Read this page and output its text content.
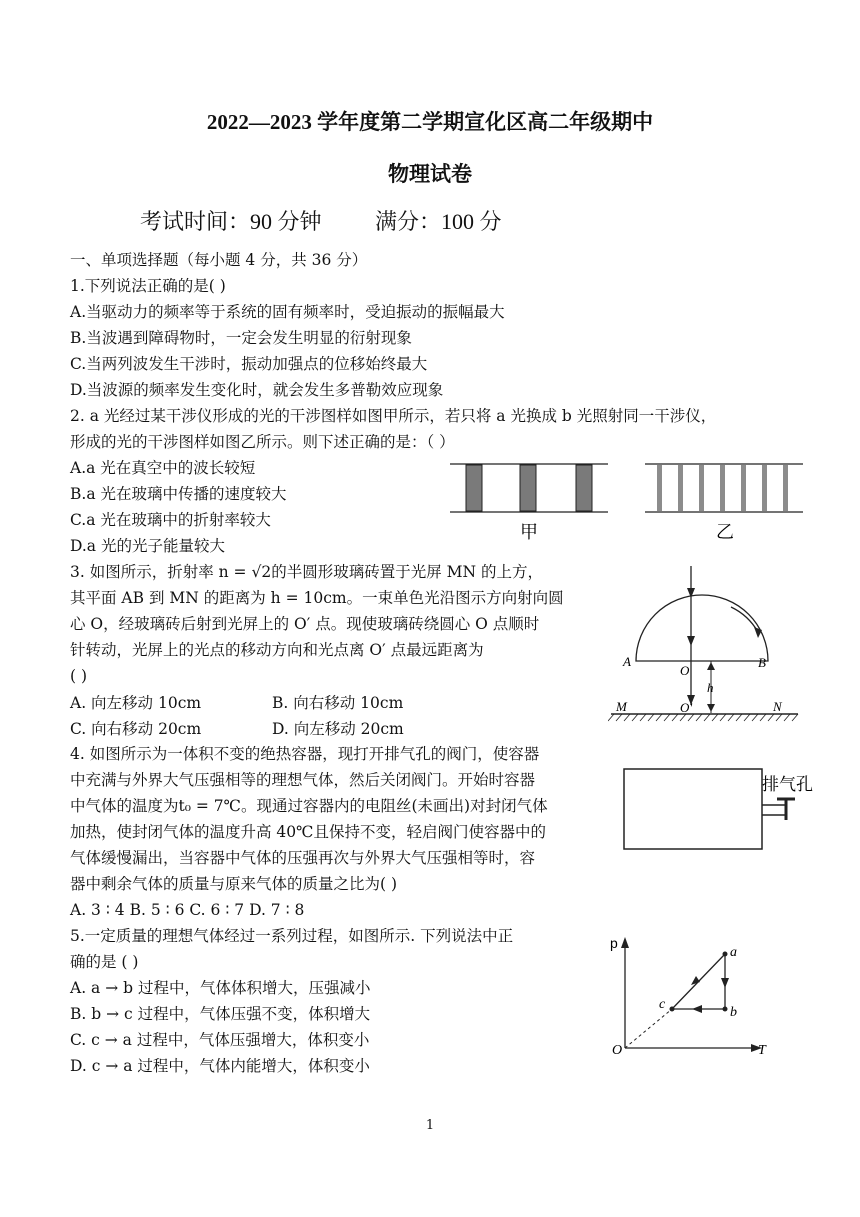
2022—2023 学年度第二学期宣化区高二年级期中
物理试卷
考试时间：90 分钟 满分：100 分
一、单项选择题（每小题 4 分，共 36 分）
1.下列说法正确的是( )
A.当驱动力的频率等于系统的固有频率时，受迫振动的振幅最大
B.当波遇到障碍物时，一定会发生明显的衍射现象
C.当两列波发生干涉时，振动加强点的位移始终最大
D.当波源的频率发生变化时，就会发生多普勒效应现象
2. a 光经过某干涉仪形成的光的干涉图样如图甲所示，若只将 a 光换成 b 光照射同一干涉仪，
形成的光的干涉图样如图乙所示。则下述正确的是：（ ）
A.a 光在真空中的波长较短
B.a 光在玻璃中传播的速度较大
C.a 光在玻璃中的折射率较大
D.a 光的光子能量较大
甲	乙
3. 如图所示，折射率 n = √2的半圆形玻璃砖置于光屏 MN 的上方，
其平面 AB 到 MN 的距离为 h = 10cm。一束单色光沿图示方向射向圆
心 O，经玻璃砖后射到光屏上的 O′ 点。现使玻璃砖绕圆心 O 点顺时
针转动，光屏上的光点的移动方向和光点离 O′ 点最远距离为
( )
A. 向左移动 10cm	B. 向右移动 10cm
C. 向右移动 20cm	D. 向左移动 20cm
A	B
O
O'
h
M	N
4. 如图所示为一体积不变的绝热容器，现打开排气孔的阀门，使容器
中充满与外界大气压强相等的理想气体，然后关闭阀门。开始时容器
中气体的温度为t₀ = 7℃。现通过容器内的电阻丝(未画出)对封闭气体
加热，使封闭气体的温度升高 40℃且保持不变，轻启阀门使容器中的
气体缓慢漏出，当容器中气体的压强再次与外界大气压强相等时，容
器中剩余气体的质量与原来气体的质量之比为( )
A. 3 ∶ 4 B. 5 ∶ 6 C. 6 ∶ 7 D. 7 ∶ 8
排气孔
5.一定质量的理想气体经过一系列过程，如图所示. 下列说法中正
确的是 ( )
A. a → b 过程中，气体体积增大，压强减小
B. b → c 过程中，气体压强不变，体积增大
C. c → a 过程中，气体压强增大，体积变小
D. c → a 过程中，气体内能增大，体积变小
p
T
O
a
b
c
1
